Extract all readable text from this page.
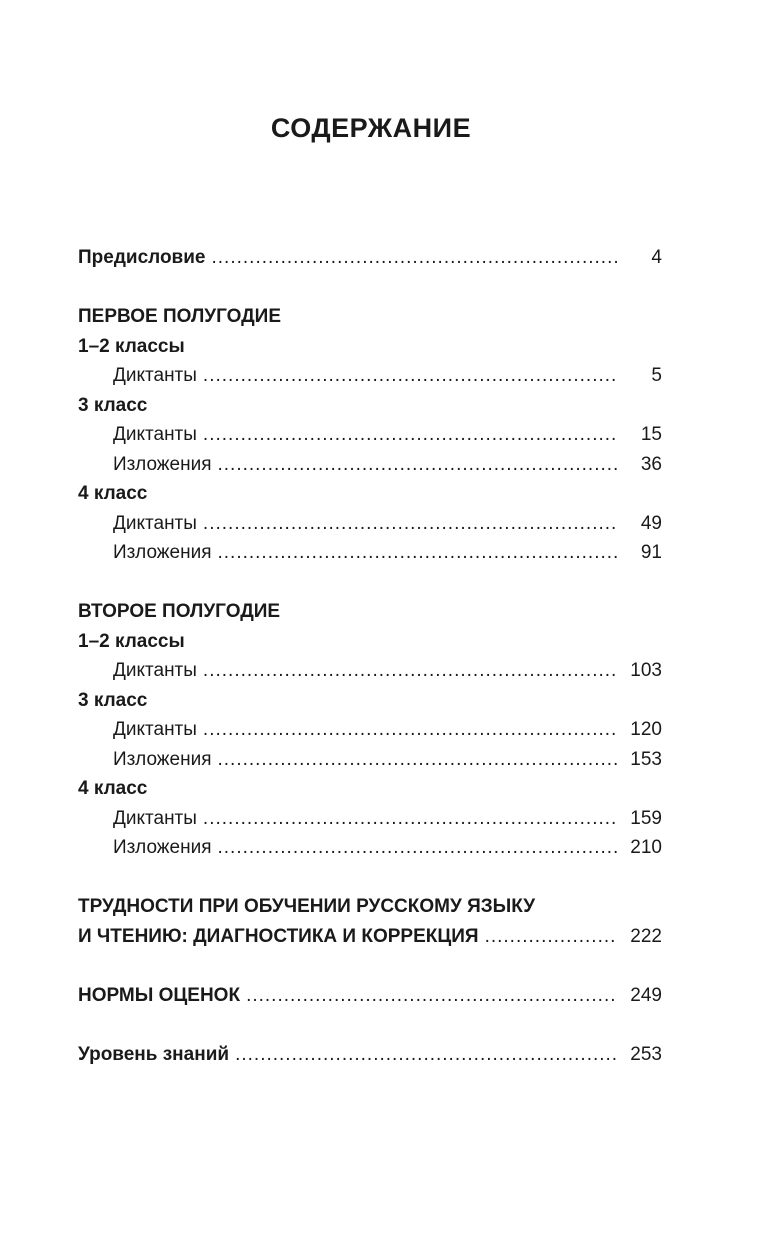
СОДЕРЖАНИЕ
Предисловие .....	4
ПЕРВОЕ ПОЛУГОДИЕ
1–2 классы
Диктанты .....	5
3 класс
Диктанты .....	15
Изложения .....	36
4 класс
Диктанты .....	49
Изложения .....	91
ВТОРОЕ ПОЛУГОДИЕ
1–2 классы
Диктанты .....	103
3 класс
Диктанты .....	120
Изложения .....	153
4 класс
Диктанты .....	159
Изложения .....	210
ТРУДНОСТИ ПРИ ОБУЧЕНИИ РУССКОМУ ЯЗЫКУ
И ЧТЕНИЮ: ДИАГНОСТИКА И КОРРЕКЦИЯ .....	222
НОРМЫ ОЦЕНОК .....	249
Уровень знаний .....	253
